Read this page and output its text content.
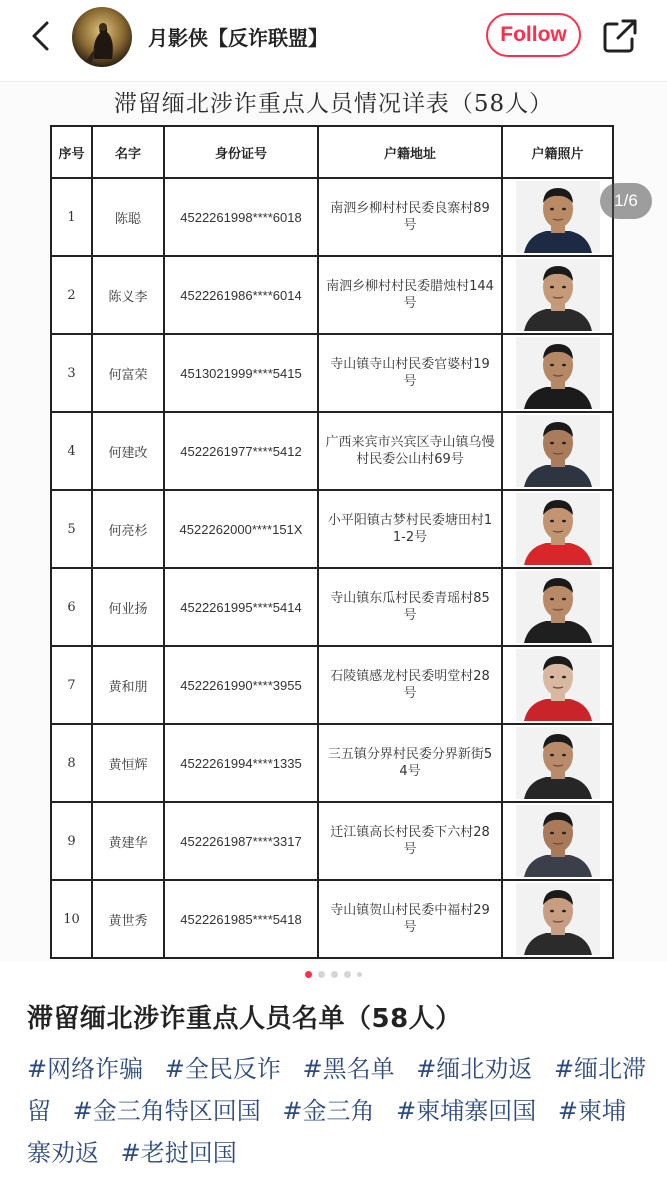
月影侠【反诈联盟】	Follow
滞留缅北涉诈重点人员情况详表（58人）
序号	名字	身份证号	户籍地址	户籍照片
1	陈聪	4522261998****6018	南泗乡柳村村民委良寨村89号	

2	陈义李	4522261986****6014	南泗乡柳村村民委腊烛村144号	

3	何富荣	4513021999****5415	寺山镇寺山村民委官婆村19号	

4	何建改	4522261977****5412	广西来宾市兴宾区寺山镇乌慢村民委公山村69号	

5	何亮杉	4522262000****151X	小平阳镇古梦村民委塘田村11-2号	

6	何业扬	4522261995****5414	寺山镇东瓜村民委青瑶村85号	

7	黄和朋	4522261990****3955	石陵镇感龙村民委明堂村28号	

8	黄恒辉	4522261994****1335	三五镇分界村民委分界新街54号	

9	黄建华	4522261987****3317	迁江镇高长村民委下六村28号	

10	黄世秀	4522261985****5418	寺山镇贺山村民委中福村29号	
1/6
滞留缅北涉诈重点人员名单（58人）
#网络诈骗 #全民反诈 #黑名单 #缅北劝返 #缅北滞留 #金三角特区回国 #金三角 #柬埔寨回国 #柬埔寨劝返 #老挝回国
